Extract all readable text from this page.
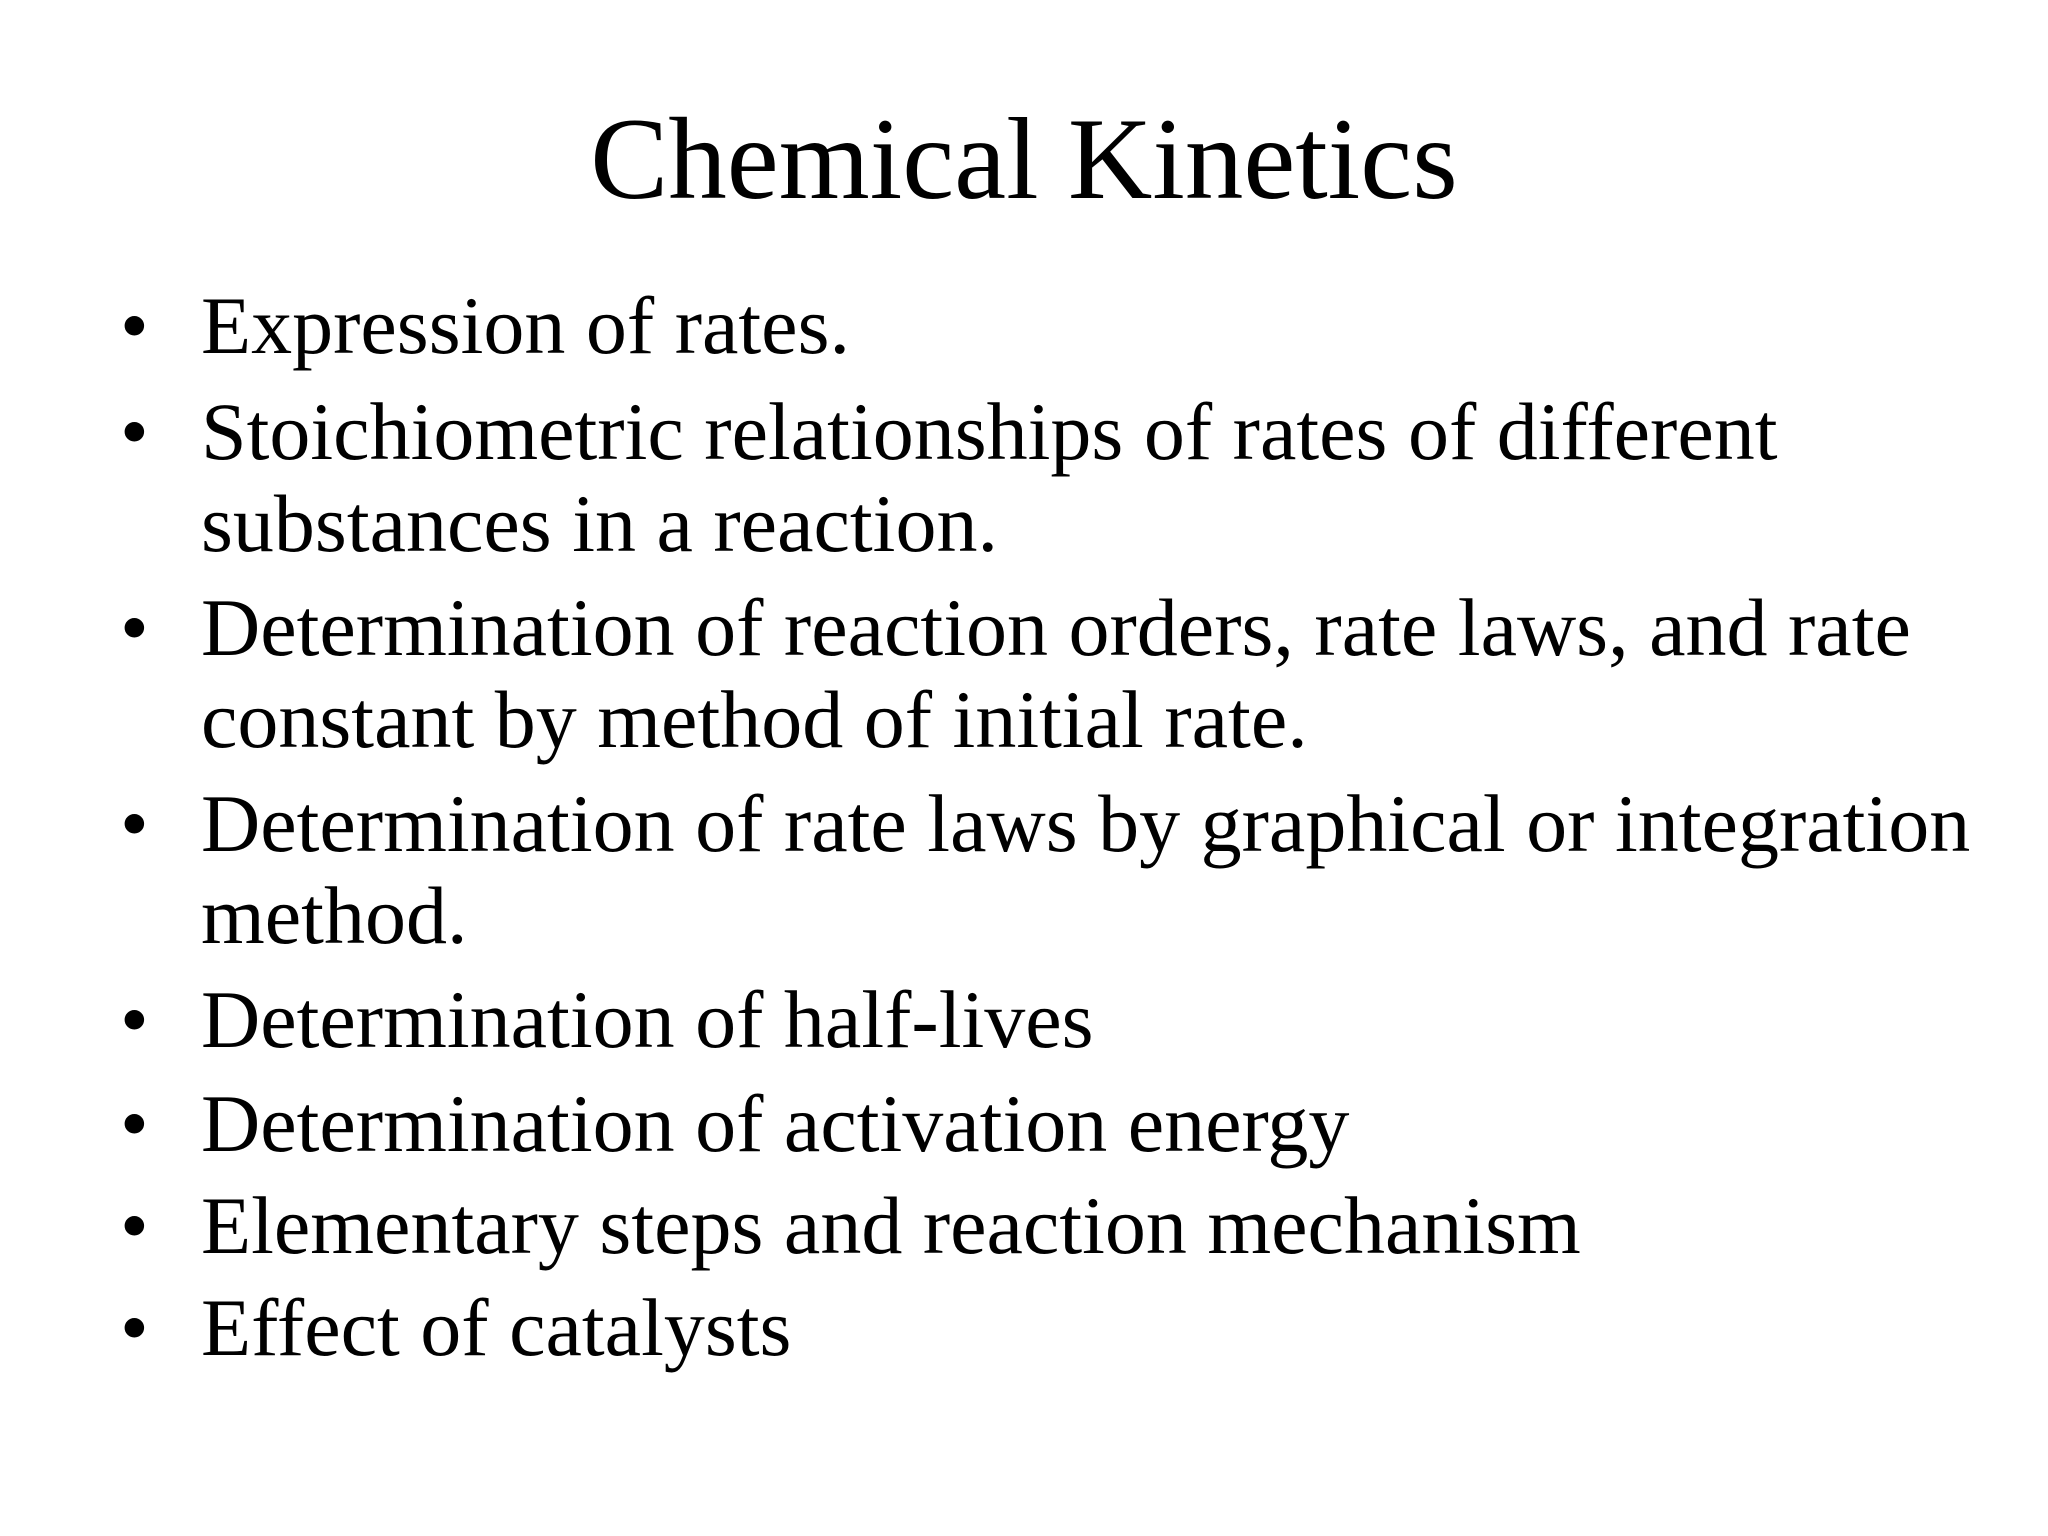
Chemical Kinetics
• Expression of rates.
• Stoichiometric relationships of rates of different
substances in a reaction.
• Determination of reaction orders, rate laws, and rate
constant by method of initial rate.
• Determination of rate laws by graphical or integration
method.
• Determination of half-lives
• Determination of activation energy
• Elementary steps and reaction mechanism
• Effect of catalysts
